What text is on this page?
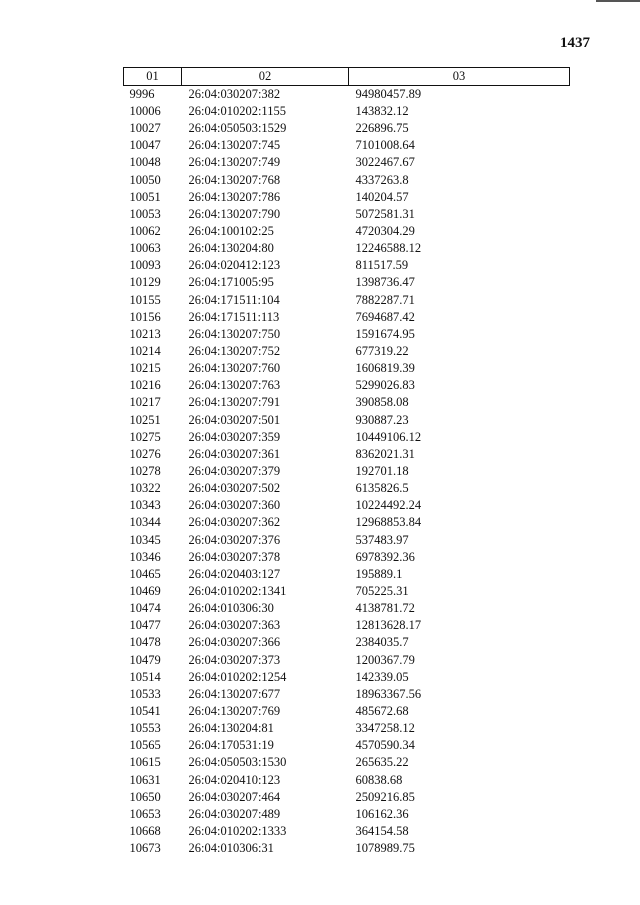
1437
01	02	03
9996	26:04:030207:382	94980457.89
10006	26:04:010202:1155	143832.12
10027	26:04:050503:1529	226896.75
10047	26:04:130207:745	7101008.64
10048	26:04:130207:749	3022467.67
10050	26:04:130207:768	4337263.8
10051	26:04:130207:786	140204.57
10053	26:04:130207:790	5072581.31
10062	26:04:100102:25	4720304.29
10063	26:04:130204:80	12246588.12
10093	26:04:020412:123	811517.59
10129	26:04:171005:95	1398736.47
10155	26:04:171511:104	7882287.71
10156	26:04:171511:113	7694687.42
10213	26:04:130207:750	1591674.95
10214	26:04:130207:752	677319.22
10215	26:04:130207:760	1606819.39
10216	26:04:130207:763	5299026.83
10217	26:04:130207:791	390858.08
10251	26:04:030207:501	930887.23
10275	26:04:030207:359	10449106.12
10276	26:04:030207:361	8362021.31
10278	26:04:030207:379	192701.18
10322	26:04:030207:502	6135826.5
10343	26:04:030207:360	10224492.24
10344	26:04:030207:362	12968853.84
10345	26:04:030207:376	537483.97
10346	26:04:030207:378	6978392.36
10465	26:04:020403:127	195889.1
10469	26:04:010202:1341	705225.31
10474	26:04:010306:30	4138781.72
10477	26:04:030207:363	12813628.17
10478	26:04:030207:366	2384035.7
10479	26:04:030207:373	1200367.79
10514	26:04:010202:1254	142339.05
10533	26:04:130207:677	18963367.56
10541	26:04:130207:769	485672.68
10553	26:04:130204:81	3347258.12
10565	26:04:170531:19	4570590.34
10615	26:04:050503:1530	265635.22
10631	26:04:020410:123	60838.68
10650	26:04:030207:464	2509216.85
10653	26:04:030207:489	106162.36
10668	26:04:010202:1333	364154.58
10673	26:04:010306:31	1078989.75
